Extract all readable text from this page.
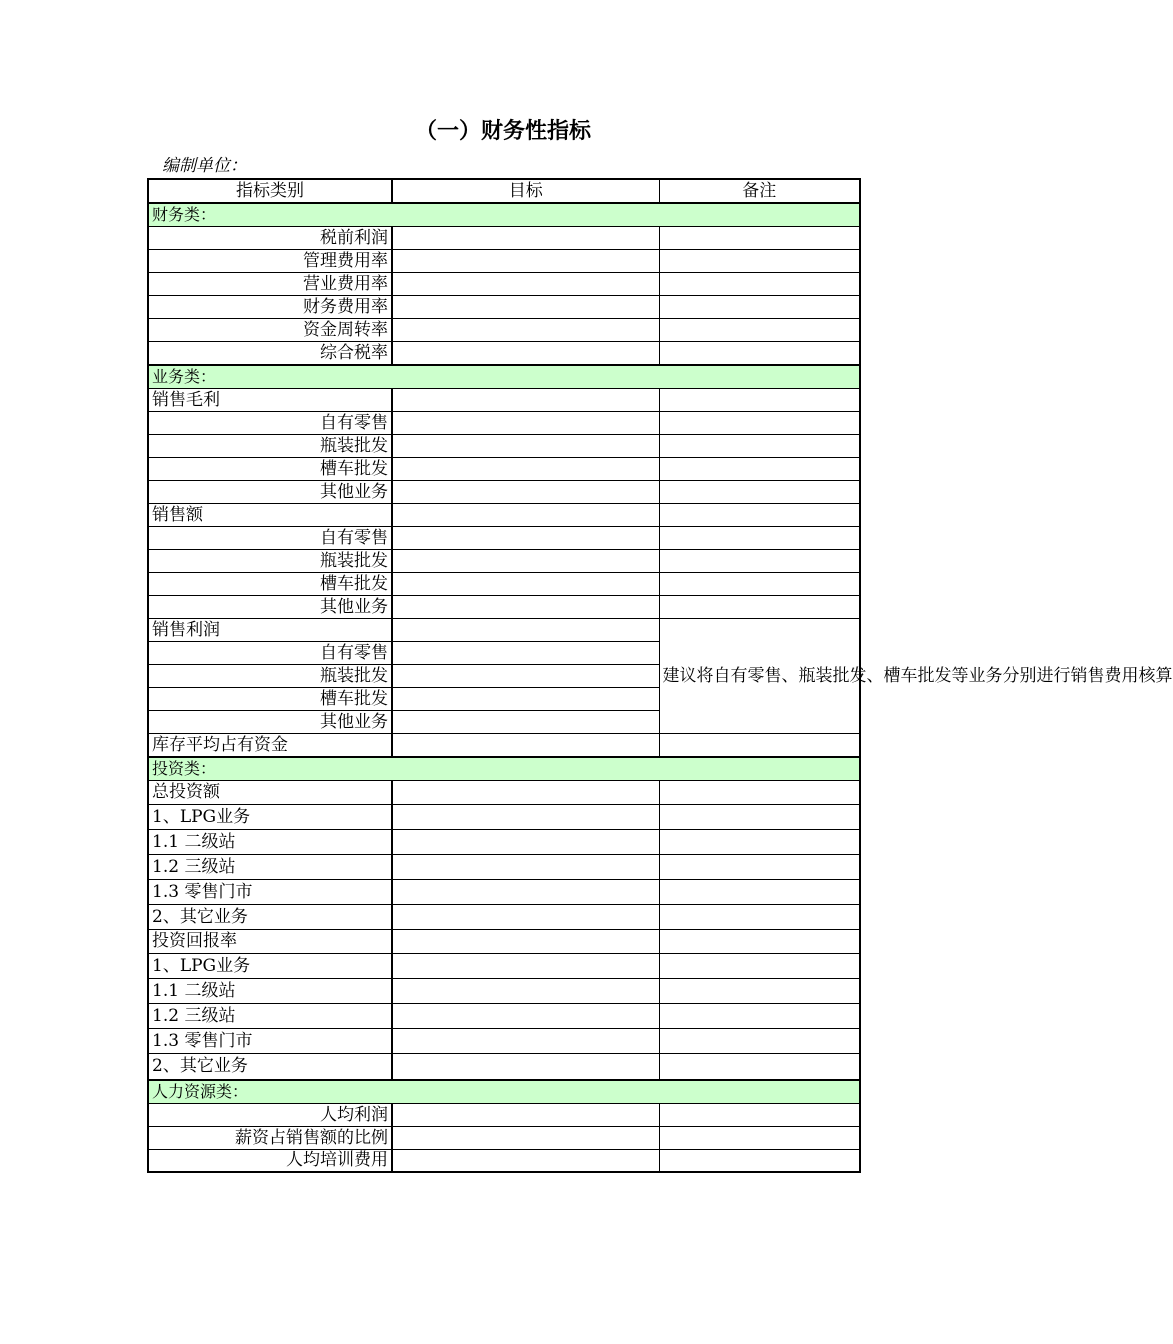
（一）财务性指标
编制单位：
指标类别	目标	备注
财务类：		
税前利润		
管理费用率		
营业费用率		
财务费用率		
资金周转率		
综合税率		
业务类：		
销售毛利		
自有零售		
瓶装批发		
槽车批发		
其他业务		
销售额		
自有零售		
瓶装批发		
槽车批发		
其他业务		
销售利润		建议将自有零售、瓶装批发、槽车批发等业务分别进行销售费用核算
自有零售		
瓶装批发		
槽车批发		
其他业务		
库存平均占有资金		
投资类：		
总投资额		
1、LPG业务		
1.1 二级站		
1.2 三级站		
1.3 零售门市		
2、其它业务		
投资回报率		
1、LPG业务		
1.1 二级站		
1.2 三级站		
1.3 零售门市		
2、其它业务		
人力资源类：		
人均利润		
薪资占销售额的比例		
人均培训费用		
